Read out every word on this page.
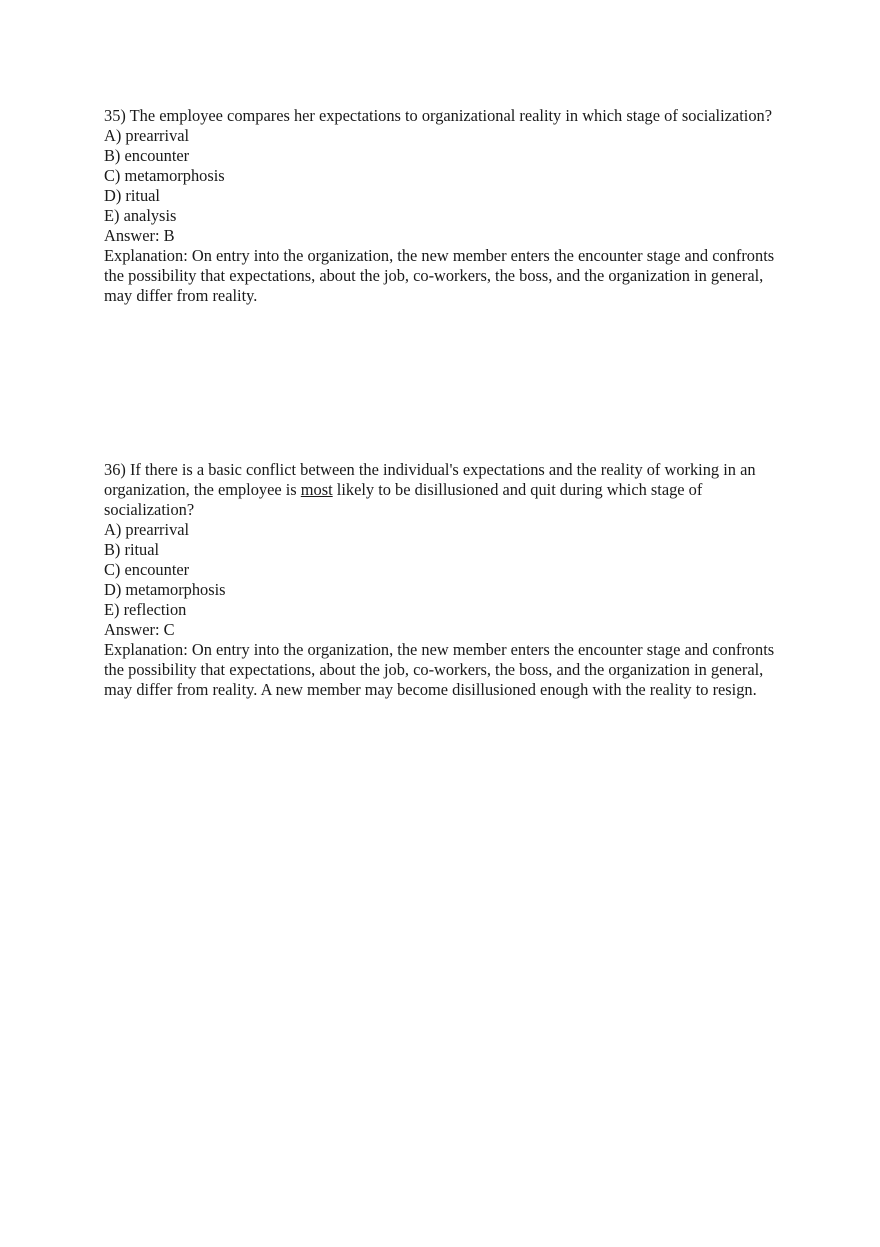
35) The employee compares her expectations to organizational reality in which stage of socialization?

A) prearrival

B) encounter

C) metamorphosis

D) ritual

E) analysis

Answer: B

Explanation: On entry into the organization, the new member enters the encounter stage and confronts the possibility that expectations, about the job, co-workers, the boss, and the organization in general, may differ from reality.

36) If there is a basic conflict between the individual's expectations and the reality of working in an organization, the employee is most likely to be disillusioned and quit during which stage of socialization?

A) prearrival

B) ritual

C) encounter

D) metamorphosis

E) reflection

Answer: C

Explanation: On entry into the organization, the new member enters the encounter stage and confronts the possibility that expectations, about the job, co-workers, the boss, and the organization in general, may differ from reality. A new member may become disillusioned enough with the reality to resign.
